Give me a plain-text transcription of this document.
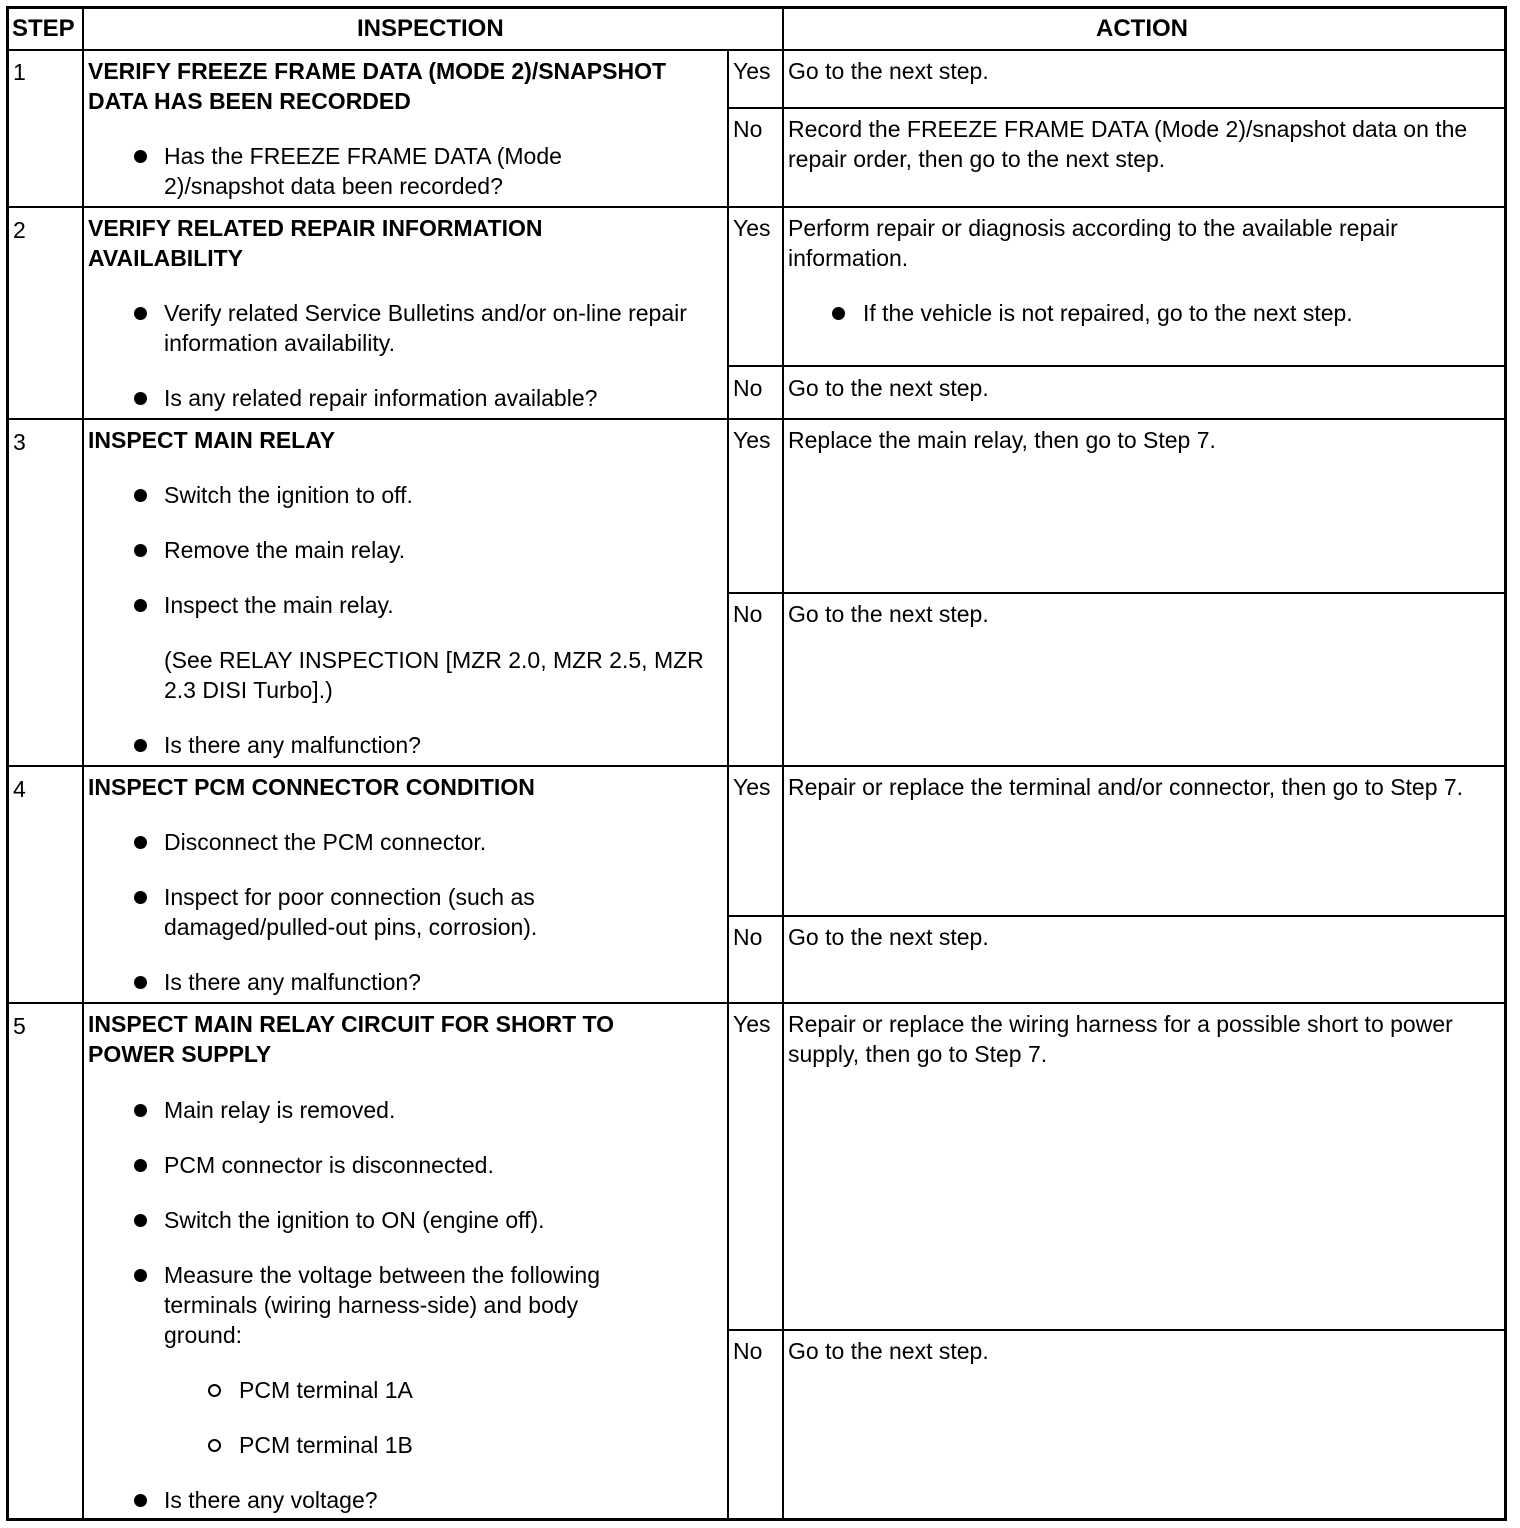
STEP	INSPECTION	ACTION
1	VERIFY FREEZE FRAME DATA (MODE 2)/SNAPSHOT DATA HAS BEEN RECORDED
Has the FREEZE FRAME DATA (Mode 2)/snapshot data been recorded?
Yes Go to the next step.
No Record the FREEZE FRAME DATA (Mode 2)/snapshot data on the repair order, then go to the next step.
2	VERIFY RELATED REPAIR INFORMATION AVAILABILITY
Verify related Service Bulletins and/or on-line repair information availability.
Is any related repair information available?
Yes Perform repair or diagnosis according to the available repair information.
If the vehicle is not repaired, go to the next step.
No Go to the next step.
3	INSPECT MAIN RELAY
Switch the ignition to off.
Remove the main relay.
Inspect the main relay.
(See RELAY INSPECTION [MZR 2.0, MZR 2.5, MZR 2.3 DISI Turbo].)
Is there any malfunction?
Yes Replace the main relay, then go to Step 7.
No Go to the next step.
4	INSPECT PCM CONNECTOR CONDITION
Disconnect the PCM connector.
Inspect for poor connection (such as damaged/pulled-out pins, corrosion).
Is there any malfunction?
Yes Repair or replace the terminal and/or connector, then go to Step 7.
No Go to the next step.
5	INSPECT MAIN RELAY CIRCUIT FOR SHORT TO POWER SUPPLY
Main relay is removed.
PCM connector is disconnected.
Switch the ignition to ON (engine off).
Measure the voltage between the following terminals (wiring harness-side) and body ground:
PCM terminal 1A
PCM terminal 1B
Is there any voltage?
Yes Repair or replace the wiring harness for a possible short to power supply, then go to Step 7.
No Go to the next step.
